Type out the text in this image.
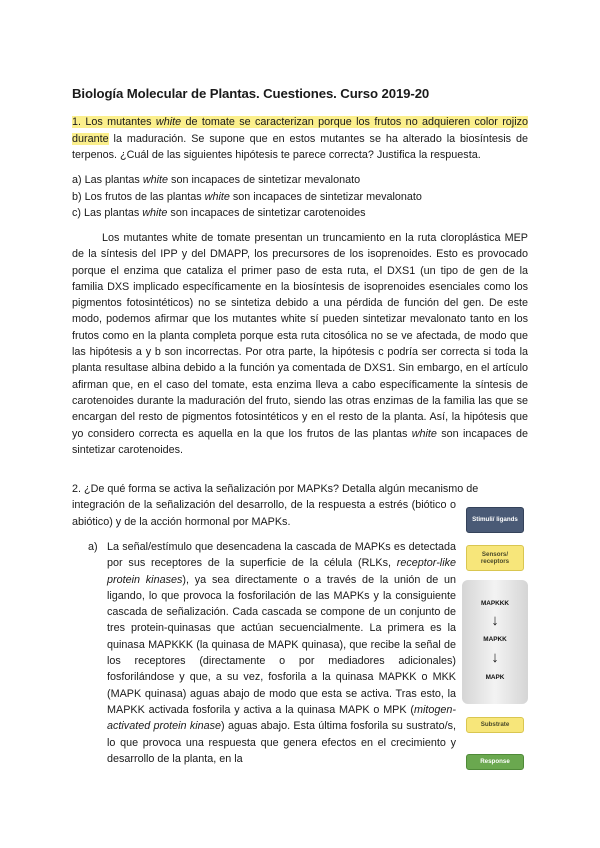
Biología Molecular de Plantas. Cuestiones. Curso 2019-20
1. Los mutantes white de tomate se caracterizan porque los frutos no adquieren color rojizo durante la maduración. Se supone que en estos mutantes se ha alterado la biosíntesis de terpenos. ¿Cuál de las siguientes hipótesis te parece correcta? Justifica la respuesta.
a) Las plantas white son incapaces de sintetizar mevalonato
b) Los frutos de las plantas white son incapaces de sintetizar mevalonato
c) Las plantas white son incapaces de sintetizar carotenoides

Los mutantes white de tomate presentan un truncamiento en la ruta cloroplástica MEP de la síntesis del IPP y del DMAPP, los precursores de los isoprenoides. Esto es provocado porque el enzima que cataliza el primer paso de esta ruta, el DXS1 (un tipo de gen de la familia DXS implicado específicamente en la biosíntesis de isoprenoides esenciales como los pigmentos fotosintéticos) no se sintetiza debido a una pérdida de función del gen. De este modo, podemos afirmar que los mutantes white sí pueden sintetizar mevalonato tanto en los frutos como en la planta completa porque esta ruta citosólica no se ve afectada, de modo que las hipótesis a y b son incorrectas. Por otra parte, la hipótesis c podría ser correcta si toda la planta resultase albina debido a la función ya comentada de DXS1. Sin embargo, en el artículo afirman que, en el caso del tomate, esta enzima lleva a cabo específicamente la síntesis de carotenoides durante la maduración del fruto, siendo las otras enzimas de la familia las que se encargan del resto de pigmentos fotosintéticos y en el resto de la planta. Así, la hipótesis que yo considero correcta es aquella en la que los frutos de las plantas white son incapaces de sintetizar carotenoides.

2. ¿De qué forma se activa la señalización por MAPKs? Detalla algún mecanismo de

integración de la señalización del desarrollo, de la respuesta a estrés (biótico o abiótico) y de la acción hormonal por MAPKs.

a) La señal/estímulo que desencadena la cascada de MAPKs es detectada por sus receptores de la superficie de la célula (RLKs, receptor-like protein kinases), ya sea directamente o a través de la unión de un ligando, lo que provoca la fosforilación de las MAPKs y la consiguiente cascada de señalización. Cada cascada se compone de un conjunto de tres protein-quinasas que actúan secuencialmente. La primera es la quinasa MAPKKK (la quinasa de MAPK quinasa), que recibe la señal de los receptores (directamente o por mediadores adicionales) fosforilándose y que, a su vez, fosforila a la quinasa MAPKK o MKK (MAPK quinasa) aguas abajo de modo que esta se activa. Tras esto, la MAPKK activada fosforila y activa a la quinasa MAPK o MPK (mitogen-activated protein kinase) aguas abajo. Esta última fosforila su sustrato/s, lo que provoca una respuesta que genera efectos en el crecimiento y desarrollo de la planta, en la

Stimuli/ ligands
Sensors/ receptors
MAPKKK
↓
MAPKK
↓
MAPK
Substrate
Response
